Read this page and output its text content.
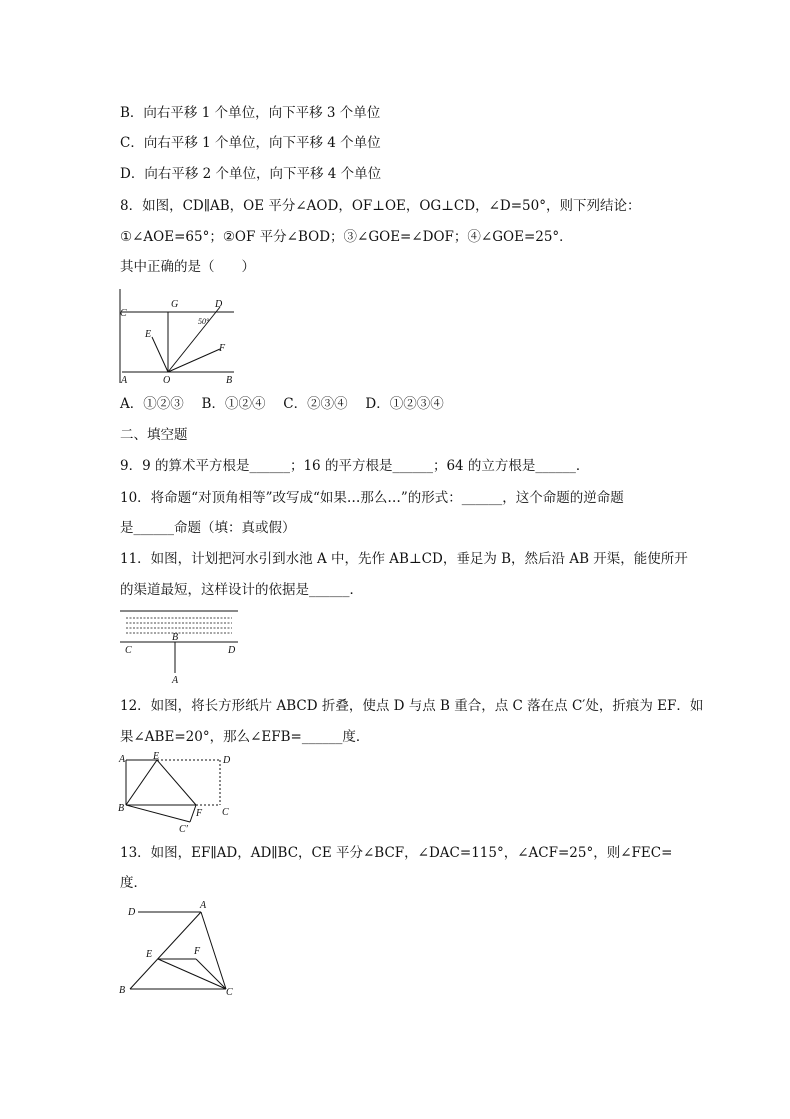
B．向右平移 1 个单位，向下平移 3 个单位
C．向右平移 1 个单位，向下平移 4 个单位
D．向右平移 2 个单位，向下平移 4 个单位
8．如图，CD∥AB，OE 平分∠AOD，OF⊥OE，OG⊥CD，∠D=50°，则下列结论：
①∠AOE=65°；②OF 平分∠BOD；③∠GOE=∠DOF；④∠GOE=25°．
其中正确的是（　　）
C
G	D
50°
E
F
A	O	B
A．①②③　 B．①②④　 C．②③④　 D．①②③④
二、填空题
9．9 的算术平方根是______；16 的平方根是______；64 的立方根是______．
10．将命题“对顶角相等”改写成“如果…那么…”的形式：______，这个命题的逆命题
是______命题（填：真或假）
11．如图，计划把河水引到水池 A 中，先作 AB⊥CD，垂足为 B，然后沿 AB 开渠，能使所开
的渠道最短，这样设计的依据是______．
B
C	D
A
12．如图，将长方形纸片 ABCD 折叠，使点 D 与点 B 重合，点 C 落在点 C′处，折痕为 EF．如
果∠ABE=20°，那么∠EFB=______度．
A	E	D
B	F C
C′
13．如图，EF∥AD，AD∥BC，CE 平分∠BCF，∠DAC=115°，∠ACF=25°，则∠FEC=
度．
D
A
E	F
B	C
